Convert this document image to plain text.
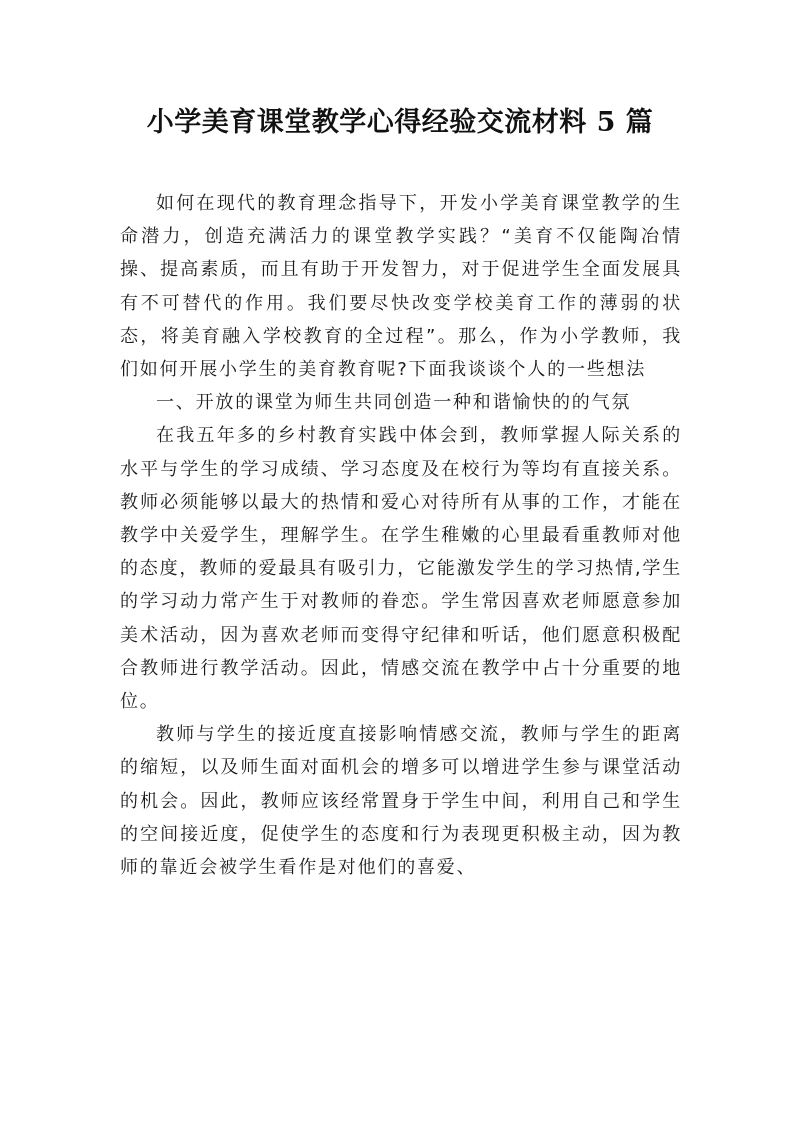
小学美育课堂教学心得经验交流材料 5 篇

如何在现代的教育理念指导下，开发小学美育课堂教学的生命潜力，创造充满活力的课堂教学实践？“美育不仅能陶冶情操、提高素质，而且有助于开发智力，对于促进学生全面发展具有不可替代的作用。我们要尽快改变学校美育工作的薄弱的状态，将美育融入学校教育的全过程”。那么，作为小学教师，我们如何开展小学生的美育教育呢?下面我谈谈个人的一些想法

一、开放的课堂为师生共同创造一种和谐愉快的的气氛

在我五年多的乡村教育实践中体会到，教师掌握人际关系的水平与学生的学习成绩、学习态度及在校行为等均有直接关系。教师必须能够以最大的热情和爱心对待所有从事的工作，才能在教学中关爱学生，理解学生。在学生稚嫩的心里最看重教师对他的态度，教师的爱最具有吸引力，它能激发学生的学习热情,学生的学习动力常产生于对教师的眷恋。学生常因喜欢老师愿意参加美术活动，因为喜欢老师而变得守纪律和听话，他们愿意积极配合教师进行教学活动。因此，情感交流在教学中占十分重要的地位。

教师与学生的接近度直接影响情感交流，教师与学生的距离的缩短，以及师生面对面机会的增多可以增进学生参与课堂活动的机会。因此，教师应该经常置身于学生中间，利用自己和学生的空间接近度，促使学生的态度和行为表现更积极主动，因为教师的靠近会被学生看作是对他们的喜爱、
